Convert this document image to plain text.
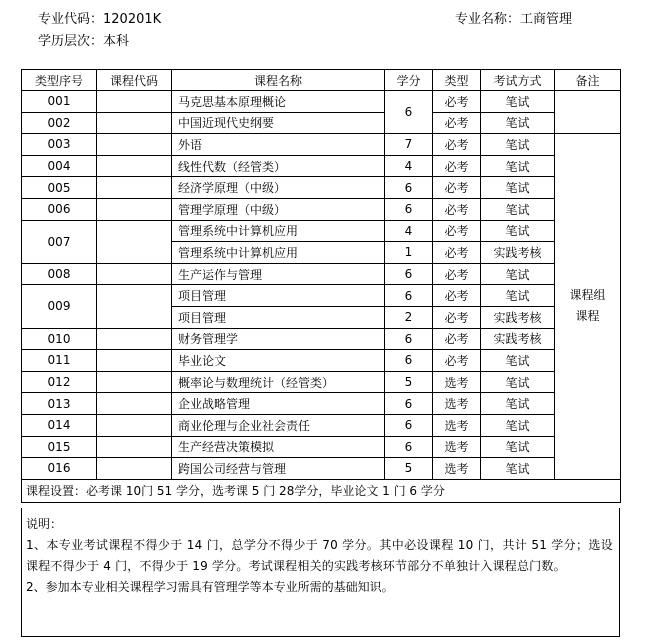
专业代码：120201K
学历层次：本科
专业名称：工商管理
类型序号	课程代码	课程名称	学分	类型	考试方式	备注
001		马克思基本原理概论	6	必考	笔试	
002		中国近现代史纲要		必考	笔试	
003		外语	7	必考	笔试	课程组课程
004		线性代数（经管类）	4	必考	笔试	
005		经济学原理（中级）	6	必考	笔试	
006		管理学原理（中级）	6	必考	笔试	
007		管理系统中计算机应用	4	必考	笔试	
		管理系统中计算机应用	1	必考	实践考核	
008		生产运作与管理	6	必考	笔试	
009		项目管理	6	必考	笔试	
		项目管理	2	必考	实践考核	
010		财务管理学	6	必考	实践考核	
011		毕业论文	6	必考	笔试	
012		概率论与数理统计（经管类）	5	选考	笔试	
013		企业战略管理	6	选考	笔试	
014		商业伦理与企业社会责任	6	选考	笔试	
015		生产经营决策模拟	6	选考	笔试	
016		跨国公司经营与管理	5	选考	笔试	
课程设置：必考课 10门 51 学分，选考课 5 门 28学分，毕业论文 1 门 6 学分						

说明：

1、本专业考试课程不得少于 14 门，总学分不得少于 70 学分。其中必设课程 10 门，共计 51 学分；选设课程不得少于 4 门，不得少于 19 学分。考试课程相关的实践考核环节部分不单独计入课程总门数。

2、参加本专业相关课程学习需具有管理学等本专业所需的基础知识。
